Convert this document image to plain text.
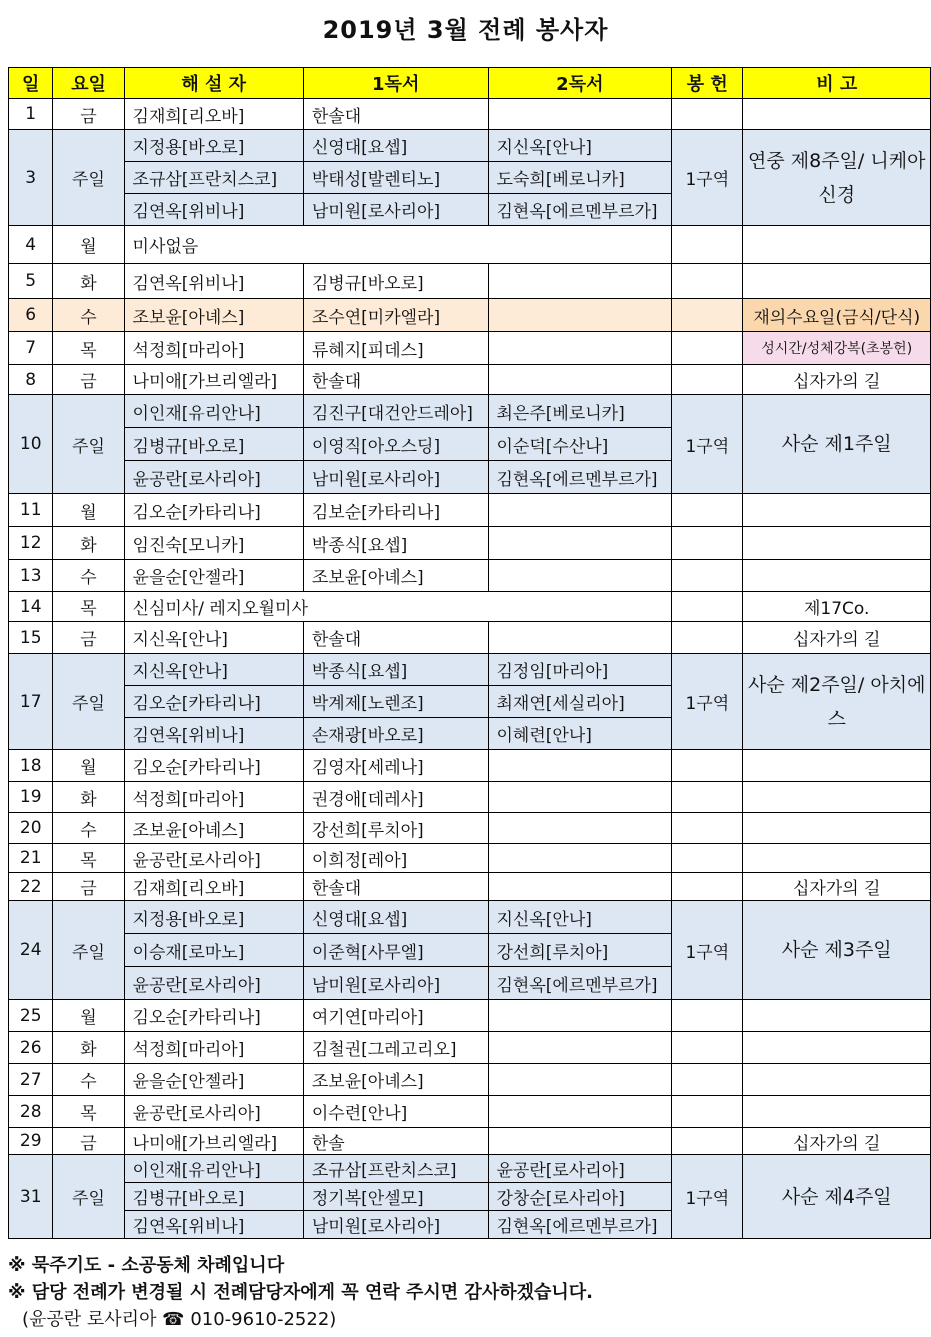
2019년 3월 전례 봉사자
일	요일	해 설 자	1독서	2독서	봉 헌	비 고
1	금	김재희[리오바]	한솔대			
3	주일	지정용[바오로]	신영대[요셉]	지신옥[안나]	1구역	연중 제8주일/ 니케아신경
		조규삼[프란치스코]	박태성[발렌티노]	도숙희[베로니카]		
		김연옥[위비나]	남미원[로사리아]	김현옥[에르멘부르가]		
4	월	미사없음				
5	화	김연옥[위비나]	김병규[바오로]			
6	수	조보윤[아녜스]	조수연[미카엘라]			재의수요일(금식/단식)
7	목	석정희[마리아]	류혜지[피데스]			성시간/성체강복(초봉헌)
8	금	나미애[가브리엘라]	한솔대			십자가의 길
10	주일	이인재[유리안나]	김진구[대건안드레아]	최은주[베로니카]	1구역	사순 제1주일
		김병규[바오로]	이영직[아오스딩]	이순덕[수산나]		
		윤공란[로사리아]	남미원[로사리아]	김현옥[에르멘부르가]		
11	월	김오순[카타리나]	김보순[카타리나]			
12	화	임진숙[모니카]	박종식[요셉]			
13	수	윤을순[안젤라]	조보윤[아녜스]			
14	목	신심미사/ 레지오월미사				제17Co.
15	금	지신옥[안나]	한솔대			십자가의 길
17	주일	지신옥[안나]	박종식[요셉]	김정임[마리아]	1구역	사순 제2주일/ 아치에스
		김오순[카타리나]	박계제[노렌조]	최재연[세실리아]		
		김연옥[위비나]	손재광[바오로]	이혜련[안나]		
18	월	김오순[카타리나]	김영자[세레나]			
19	화	석정희[마리아]	권경애[데레사]			
20	수	조보윤[아녜스]	강선희[루치아]			
21	목	윤공란[로사리아]	이희정[레아]			
22	금	김재희[리오바]	한솔대			십자가의 길
24	주일	지정용[바오로]	신영대[요셉]	지신옥[안나]	1구역	사순 제3주일
		이승재[로마노]	이준혁[사무엘]	강선희[루치아]		
		윤공란[로사리아]	남미원[로사리아]	김현옥[에르멘부르가]		
25	월	김오순[카타리나]	여기연[마리아]			
26	화	석정희[마리아]	김철권[그레고리오]			
27	수	윤을순[안젤라]	조보윤[아녜스]			
28	목	윤공란[로사리아]	이수련[안나]			
29	금	나미애[가브리엘라]	한솔			십자가의 길
31	주일	이인재[유리안나]	조규삼[프란치스코]	윤공란[로사리아]	1구역	사순 제4주일
		김병규[바오로]	정기복[안셀모]	강창순[로사리아]		
		김연옥[위비나]	남미원[로사리아]	김현옥[에르멘부르가]		
※ 묵주기도 - 소공동체 차례입니다
※ 담당 전례가 변경될 시 전례담당자에게 꼭 연락 주시면 감사하겠습니다.
(윤공란 로사리아 ☎ 010-9610-2522)
